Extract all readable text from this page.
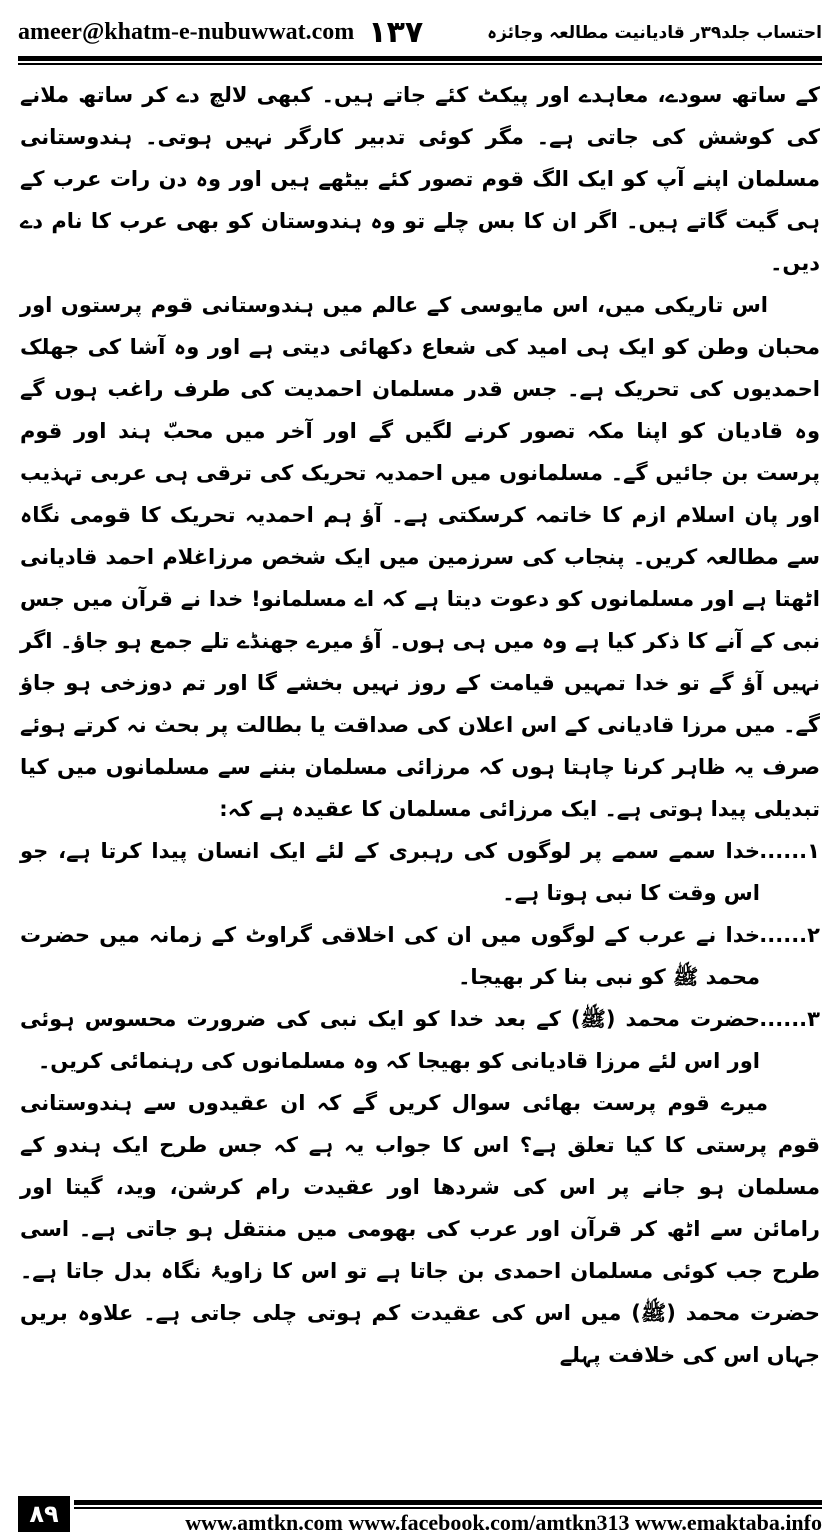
ameer@khatm-e-nubuwwat.com ۱۳۷	احتساب جلد۳۹ر قادیانیت مطالعہ وجائزہ

کے ساتھ سودے، معاہدے اور پیکٹ کئے جاتے ہیں۔ کبھی لالچ دے کر ساتھ ملانے کی کوشش کی جاتی ہے۔ مگر کوئی تدبیر کارگر نہیں ہوتی۔ ہندوستانی مسلمان اپنے آپ کو ایک الگ قوم تصور کئے بیٹھے ہیں اور وہ دن رات عرب کے ہی گیت گاتے ہیں۔ اگر ان کا بس چلے تو وہ ہندوستان کو بھی عرب کا نام دے دیں۔

اس تاریکی میں، اس مایوسی کے عالم میں ہندوستانی قوم پرستوں اور محبان وطن کو ایک ہی امید کی شعاع دکھائی دیتی ہے اور وہ آشا کی جھلک احمدیوں کی تحریک ہے۔ جس قدر مسلمان احمدیت کی طرف راغب ہوں گے وہ قادیان کو اپنا مکہ تصور کرنے لگیں گے اور آخر میں محبّ ہند اور قوم پرست بن جائیں گے۔ مسلمانوں میں احمدیہ تحریک کی ترقی ہی عربی تہذیب اور پان اسلام ازم کا خاتمہ کرسکتی ہے۔ آؤ ہم احمدیہ تحریک کا قومی نگاہ سے مطالعہ کریں۔ پنجاب کی سرزمین میں ایک شخص مرزاغلام احمد قادیانی اٹھتا ہے اور مسلمانوں کو دعوت دیتا ہے کہ اے مسلمانو! خدا نے قرآن میں جس نبی کے آنے کا ذکر کیا ہے وہ میں ہی ہوں۔ آؤ میرے جھنڈے تلے جمع ہو جاؤ۔ اگر نہیں آؤ گے تو خدا تمہیں قیامت کے روز نہیں بخشے گا اور تم دوزخی ہو جاؤ گے۔ میں مرزا قادیانی کے اس اعلان کی صداقت یا بطالت پر بحث نہ کرتے ہوئے صرف یہ ظاہر کرنا چاہتا ہوں کہ مرزائی مسلمان بننے سے مسلمانوں میں کیا تبدیلی پیدا ہوتی ہے۔ ایک مرزائی مسلمان کا عقیدہ ہے کہ:

۱......
خدا سمے سمے پر لوگوں کی رہبری کے لئے ایک انسان پیدا کرتا ہے، جو اس وقت کا نبی ہوتا ہے۔
۲......
خدا نے عرب کے لوگوں میں ان کی اخلاقی گراوٹ کے زمانہ میں حضرت محمد ﷺ کو نبی بنا کر بھیجا۔
۳......
حضرت محمد (ﷺ) کے بعد خدا کو ایک نبی کی ضرورت محسوس ہوئی اور اس لئے مرزا قادیانی کو بھیجا کہ وہ مسلمانوں کی رہنمائی کریں۔

میرے قوم پرست بھائی سوال کریں گے کہ ان عقیدوں سے ہندوستانی قوم پرستی کا کیا تعلق ہے؟ اس کا جواب یہ ہے کہ جس طرح ایک ہندو کے مسلمان ہو جانے پر اس کی شردھا اور عقیدت رام کرشن، وید، گیتا اور رامائن سے اٹھ کر قرآن اور عرب کی بھومی میں منتقل ہو جاتی ہے۔ اسی طرح جب کوئی مسلمان احمدی بن جاتا ہے تو اس کا زاویۂ نگاہ بدل جاتا ہے۔ حضرت محمد (ﷺ) میں اس کی عقیدت کم ہوتی چلی جاتی ہے۔ علاوہ بریں جہاں اس کی خلافت پہلے

۸۹	www.amtkn.com www.facebook.com/amtkn313 www.emaktaba.info
